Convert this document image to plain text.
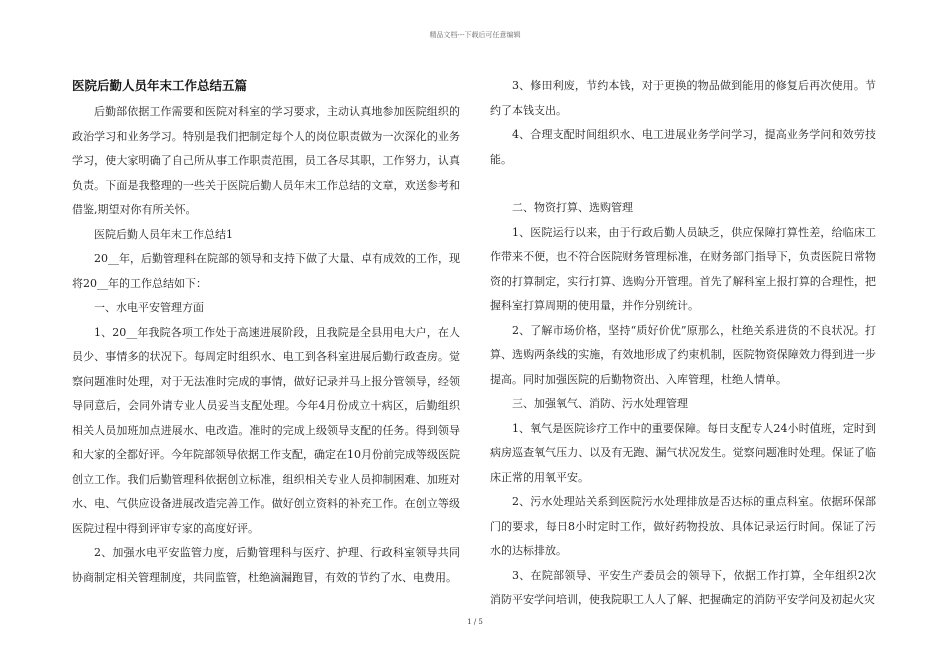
精品文档---下载后可任意编辑
医院后勤人员年末工作总结五篇

后勤部依据工作需要和医院对科室的学习要求，主动认真地参加医院组织的政治学习和业务学习。特别是我们把制定每个人的岗位职责做为一次深化的业务学习，使大家明确了自己所从事工作职责范围，员工各尽其职，工作努力，认真负责。下面是我整理的一些关于医院后勤人员年末工作总结的文章，欢送参考和借鉴,期望对你有所关怀。

医院后勤人员年末工作总结1

20__年，后勤管理科在院部的领导和支持下做了大量、卓有成效的工作，现将20__年的工作总结如下：

一、水电平安管理方面

1、20__年我院各项工作处于高速进展阶段，且我院是全县用电大户，在人员少、事情多的状况下。每周定时组织水、电工到各科室进展后勤行政查房。觉察问题准时处理，对于无法准时完成的事情，做好记录并马上报分管领导，经领导同意后，会同外请专业人员妥当支配处理。今年4月份成立十病区，后勤组织相关人员加班加点进展水、电改造。准时的完成上级领导支配的任务。得到领导和大家的全都好评。今年院部领导依据工作支配，确定在10月份前完成等级医院创立工作。我们后勤管理科依据创立标准，组织相关专业人员抑制困难、加班对水、电、气供应设备进展改造完善工作。做好创立资料的补充工作。在创立等级医院过程中得到评审专家的高度好评。

2、加强水电平安监管力度，后勤管理科与医疗、护理、行政科室领导共同协商制定相关管理制度，共同监管，杜绝滴漏跑冒，有效的节约了水、电费用。

3、修田利废，节约本钱，对于更换的物品做到能用的修复后再次使用。节约了本钱支出。

4、合理支配时间组织水、电工进展业务学问学习，提高业务学问和效劳技能。

二、物资打算、选购管理

1、医院运行以来，由于行政后勤人员缺乏，供应保障打算性差，给临床工作带来不便，也不符合医院财务管理标准，在财务部门指导下，负责医院日常物资的打算制定，实行打算、选购分开管理。首先了解科室上报打算的合理性，把握科室打算周期的使用量，并作分别统计。

2、了解市场价格，坚持“质好价优”原那么，杜绝关系进货的不良状况。打算、选购两条线的实施，有效地形成了约束机制，医院物资保障效力得到进一步提高。同时加强医院的后勤物资出、入库管理，杜绝人情单。

三、加强氧气、消防、污水处理管理

1、氧气是医院诊疗工作中的重要保障。每日支配专人24小时值班，定时到病房巡查氧气压力、以及有无跑、漏气状况发生。觉察问题准时处理。保证了临床正常的用氧平安。

2、污水处理站关系到医院污水处理排放是否达标的重点科室。依据环保部门的要求，每日8小时定时工作，做好药物投放、具体记录运行时间。保证了污水的达标排放。

3、在院部领导、平安生产委员会的领导下，依据工作打算，全年组织2次消防平安学问培训，使我院职工人人了解、把握确定的消防平安学问及初起火灾

1 / 5
